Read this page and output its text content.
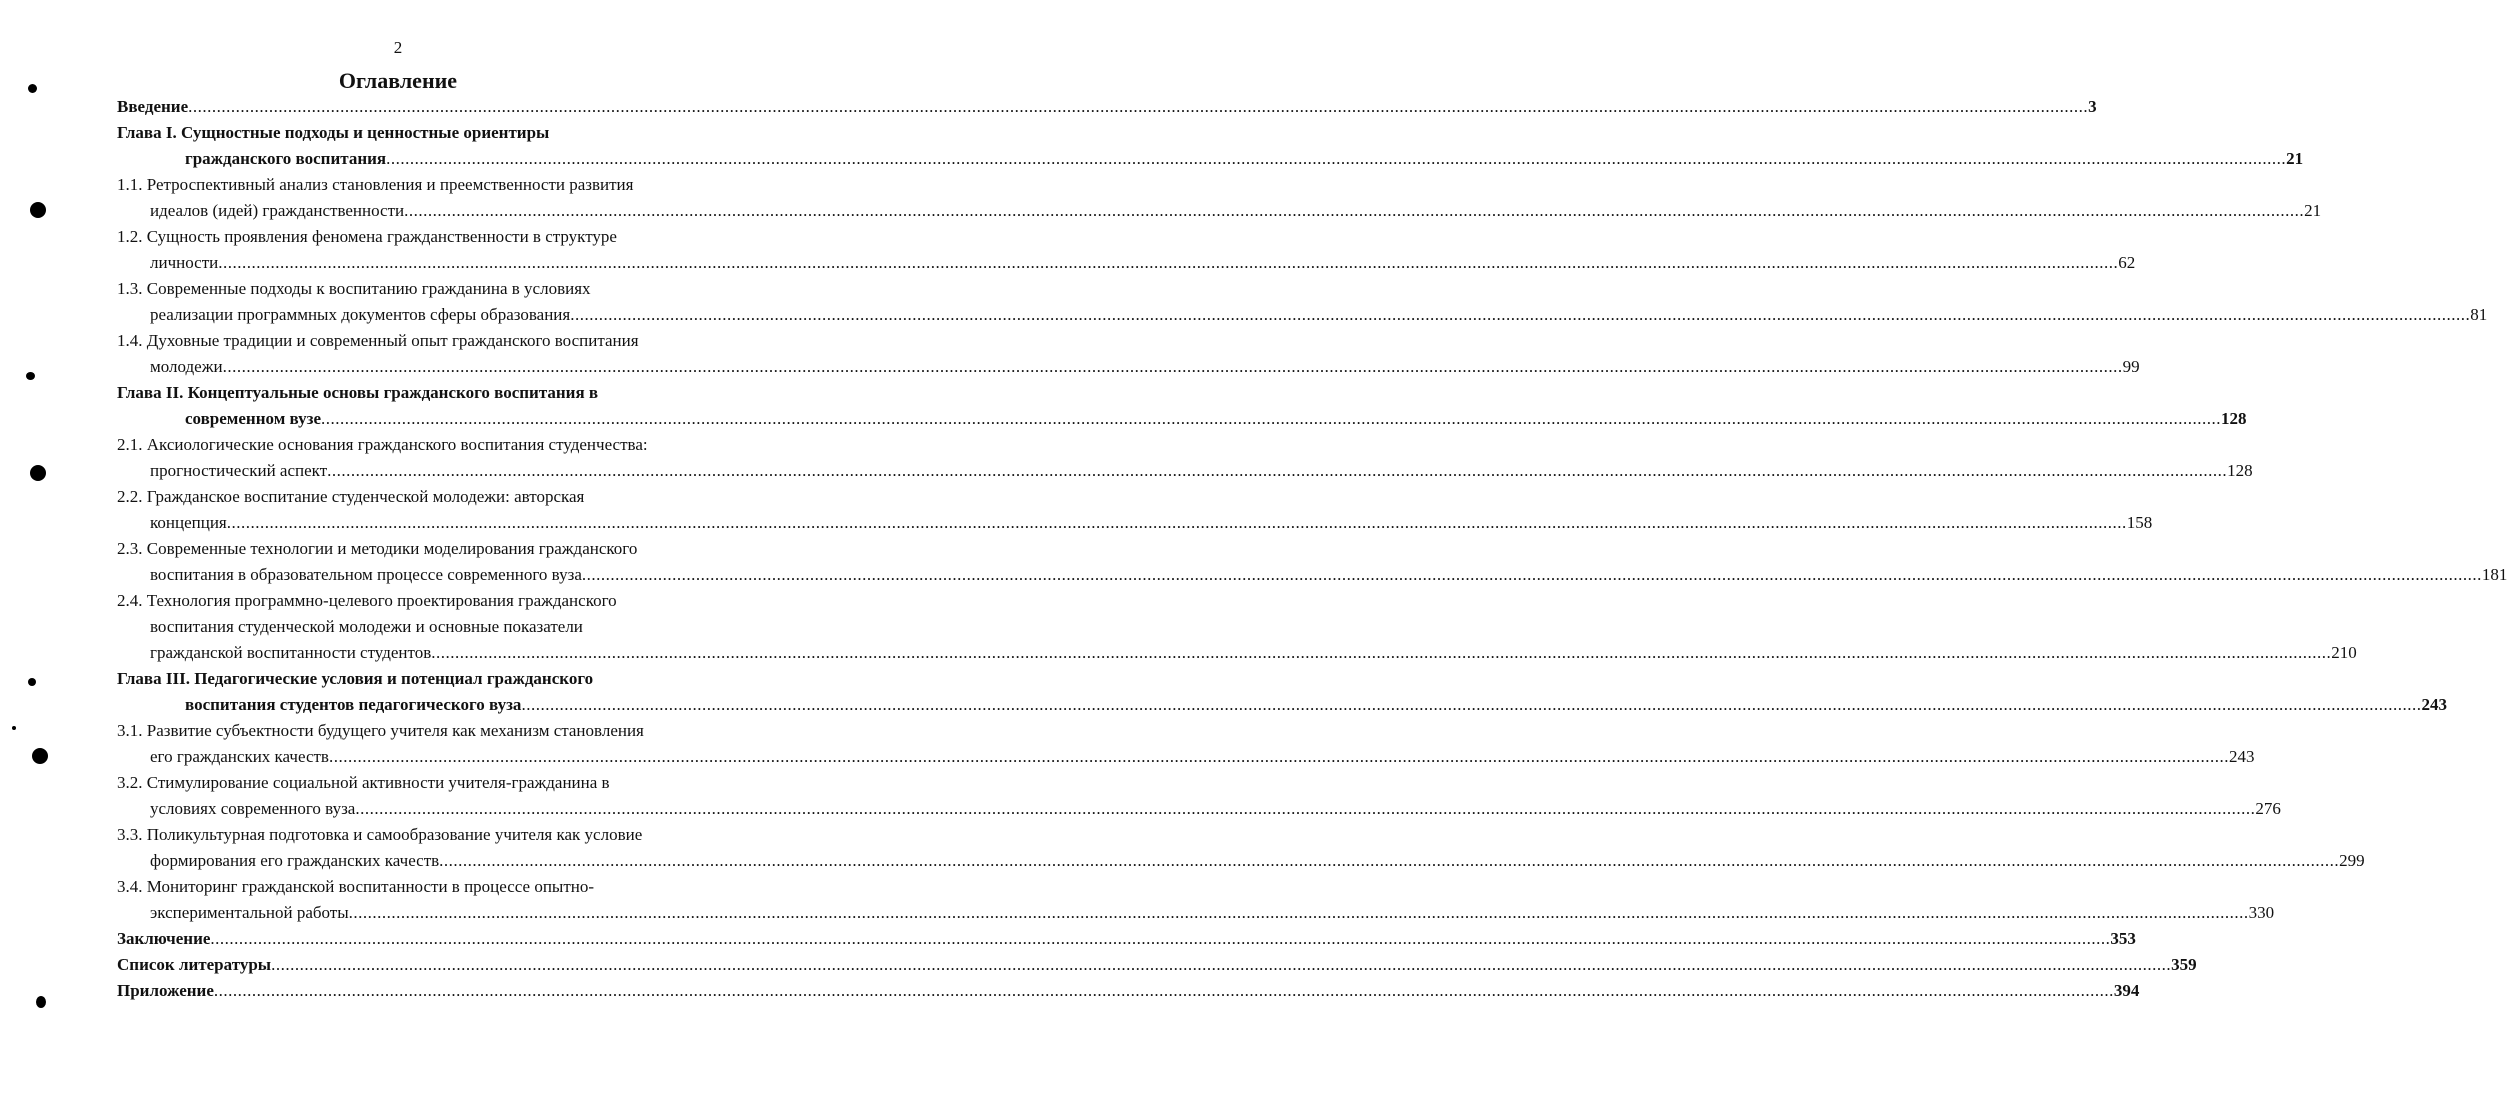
2
Оглавление
Введение ................................................................................................................................................................................................................................................................................................................................................................................................................ 3
Глава I. Сущностные подходы и ценностные ориентиры
гражданского воспитания ................................................................................................................................................................................................................................................................................................................................................................................................................ 21
1.1. Ретроспективный анализ становления и преемственности развития
идеалов (идей) гражданственности ................................................................................................................................................................................................................................................................................................................................................................................................................ 21
1.2. Сущность проявления феномена гражданственности в структуре
личности ................................................................................................................................................................................................................................................................................................................................................................................................................ 62
1.3. Современные подходы к воспитанию гражданина в условиях
реализации программных документов сферы образования ................................................................................................................................................................................................................................................................................................................................................................................................................ 81
1.4. Духовные традиции и современный опыт гражданского воспитания
молодежи ................................................................................................................................................................................................................................................................................................................................................................................................................ 99
Глава II. Концептуальные основы гражданского воспитания в
современном вузе ................................................................................................................................................................................................................................................................................................................................................................................................................ 128
2.1. Аксиологические основания гражданского воспитания студенчества:
прогностический аспект ................................................................................................................................................................................................................................................................................................................................................................................................................ 128
2.2. Гражданское воспитание студенческой молодежи: авторская
концепция ................................................................................................................................................................................................................................................................................................................................................................................................................ 158
2.3. Современные технологии и методики моделирования гражданского
воспитания в образовательном процессе современного вуза ................................................................................................................................................................................................................................................................................................................................................................................................................ 181
2.4. Технология программно-целевого проектирования гражданского
воспитания студенческой молодежи и основные показатели
гражданской воспитанности студентов ................................................................................................................................................................................................................................................................................................................................................................................................................ 210
Глава III. Педагогические условия и потенциал гражданского
воспитания студентов педагогического вуза ................................................................................................................................................................................................................................................................................................................................................................................................................ 243
3.1. Развитие субъектности будущего учителя как механизм становления
его гражданских качеств ................................................................................................................................................................................................................................................................................................................................................................................................................ 243
3.2. Стимулирование социальной активности учителя-гражданина в
условиях современного вуза ................................................................................................................................................................................................................................................................................................................................................................................................................ 276
3.3. Поликультурная подготовка и самообразование учителя как условие
формирования его гражданских качеств ................................................................................................................................................................................................................................................................................................................................................................................................................ 299
3.4. Мониторинг гражданской воспитанности в процессе опытно-
экспериментальной работы ................................................................................................................................................................................................................................................................................................................................................................................................................ 330
Заключение ................................................................................................................................................................................................................................................................................................................................................................................................................ 353
Список литературы ................................................................................................................................................................................................................................................................................................................................................................................................................ 359
Приложение ................................................................................................................................................................................................................................................................................................................................................................................................................ 394
